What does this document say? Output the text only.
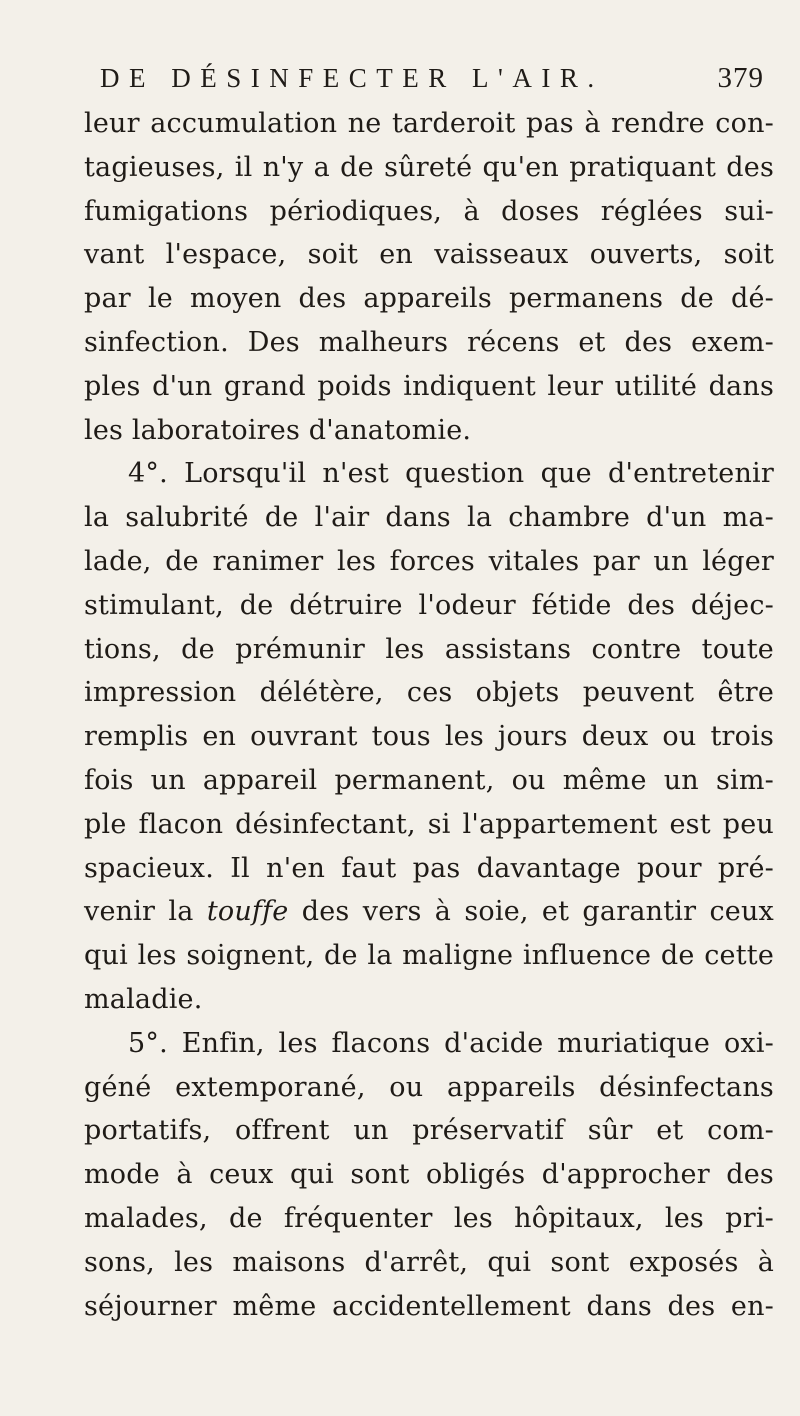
DE DÉSINFECTER L'AIR.	379
leur accumulation ne tarderoit pas à rendre con-
tagieuses, il n'y a de sûreté qu'en pratiquant des
fumigations périodiques, à doses réglées sui-
vant l'espace, soit en vaisseaux ouverts, soit
par le moyen des appareils permanens de dé-
sinfection. Des malheurs récens et des exem-
ples d'un grand poids indiquent leur utilité dans
les laboratoires d'anatomie.
4°. Lorsqu'il n'est question que d'entretenir
la salubrité de l'air dans la chambre d'un ma-
lade, de ranimer les forces vitales par un léger
stimulant, de détruire l'odeur fétide des déjec-
tions, de prémunir les assistans contre toute
impression délétère, ces objets peuvent être
remplis en ouvrant tous les jours deux ou trois
fois un appareil permanent, ou même un sim-
ple flacon désinfectant, si l'appartement est peu
spacieux. Il n'en faut pas davantage pour pré-
venir la touffe des vers à soie, et garantir ceux
qui les soignent, de la maligne influence de cette
maladie.
5°. Enfin, les flacons d'acide muriatique oxi-
géné extemporané, ou appareils désinfectans
portatifs, offrent un préservatif sûr et com-
mode à ceux qui sont obligés d'approcher des
malades, de fréquenter les hôpitaux, les pri-
sons, les maisons d'arrêt, qui sont exposés à
séjourner même accidentellement dans des en-
